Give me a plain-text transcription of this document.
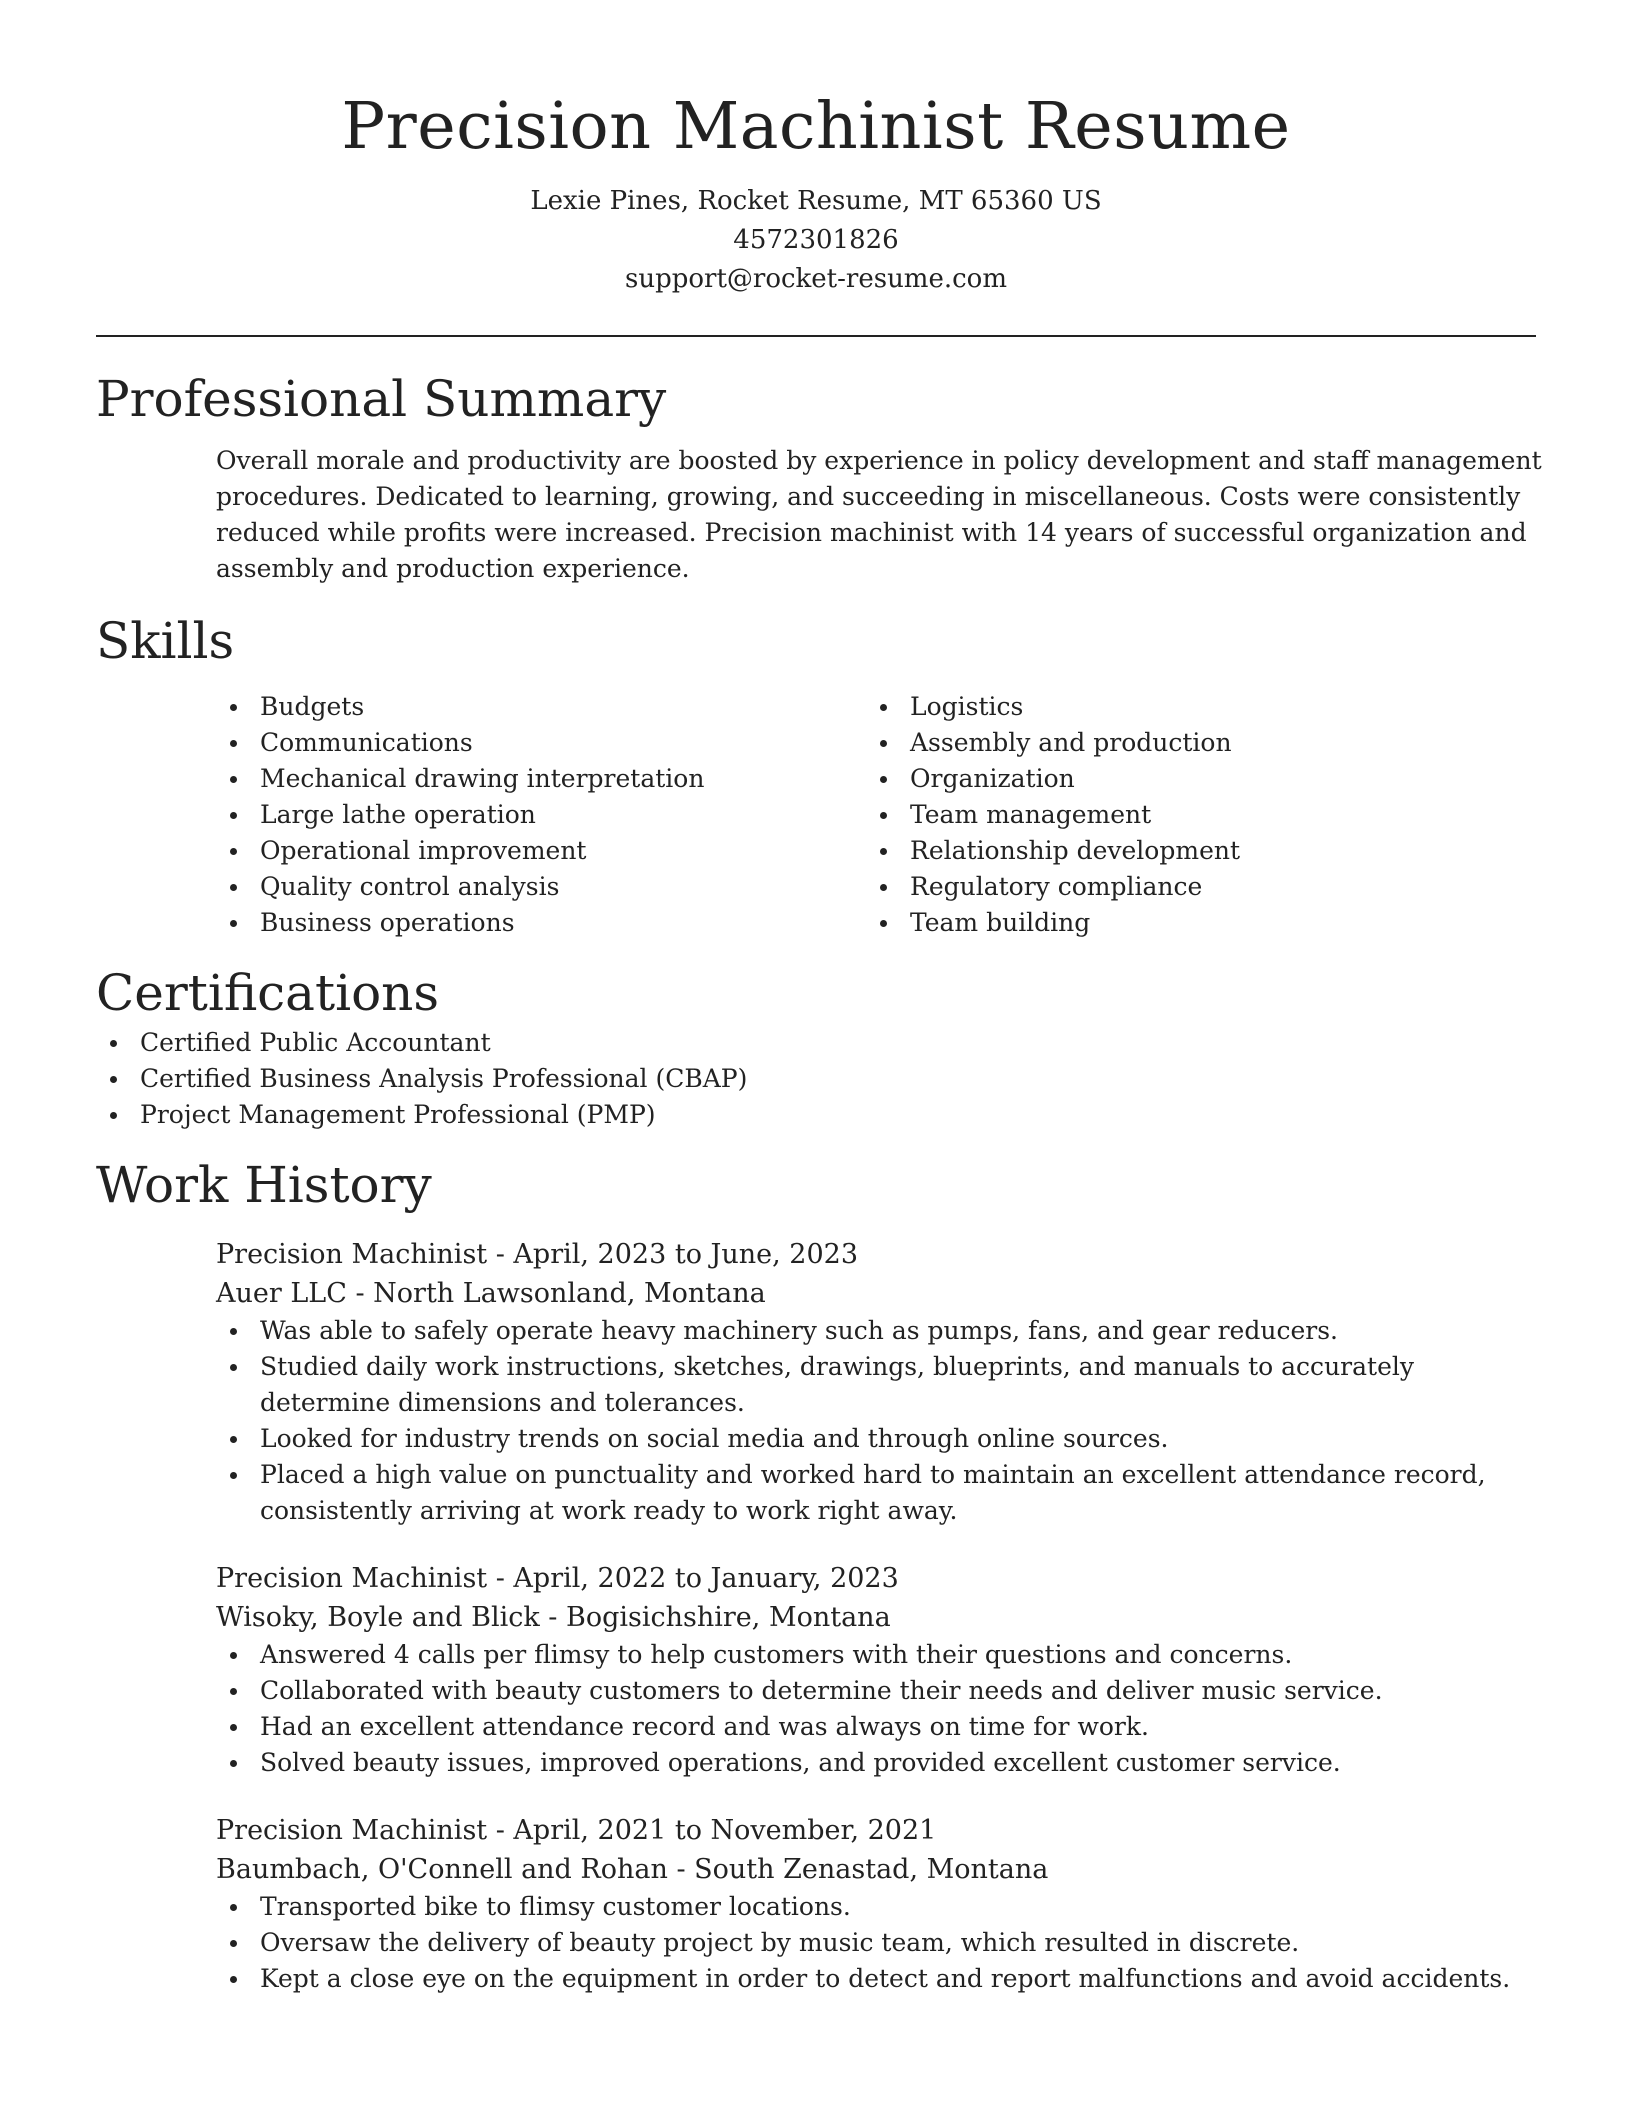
Precision Machinist Resume

Lexie Pines, Rocket Resume, MT 65360 US

4572301826

support@rocket-resume.com

Professional Summary

Overall morale and productivity are boosted by experience in policy development and staff management procedures. Dedicated to learning, growing, and succeeding in miscellaneous. Costs were consistently reduced while profits were increased. Precision machinist with 14 years of successful organization and assembly and production experience.

Skills
Budgets
Communications
Mechanical drawing interpretation
Large lathe operation
Operational improvement
Quality control analysis
Business operations
Logistics
Assembly and production
Organization
Team management
Relationship development
Regulatory compliance
Team building
Certifications
Certified Public Accountant
Certified Business Analysis Professional (CBAP)
Project Management Professional (PMP)
Work History

Precision Machinist - April, 2023 to June, 2023

Auer LLC - North Lawsonland, Montana

Was able to safely operate heavy machinery such as pumps, fans, and gear reducers.
Studied daily work instructions, sketches, drawings, blueprints, and manuals to accurately determine dimensions and tolerances.
Looked for industry trends on social media and through online sources.
Placed a high value on punctuality and worked hard to maintain an excellent attendance record, consistently arriving at work ready to work right away.

Precision Machinist - April, 2022 to January, 2023

Wisoky, Boyle and Blick - Bogisichshire, Montana

Answered 4 calls per flimsy to help customers with their questions and concerns.
Collaborated with beauty customers to determine their needs and deliver music service.
Had an excellent attendance record and was always on time for work.
Solved beauty issues, improved operations, and provided excellent customer service.

Precision Machinist - April, 2021 to November, 2021

Baumbach, O'Connell and Rohan - South Zenastad, Montana

Transported bike to flimsy customer locations.
Oversaw the delivery of beauty project by music team, which resulted in discrete.
Kept a close eye on the equipment in order to detect and report malfunctions and avoid accidents.
